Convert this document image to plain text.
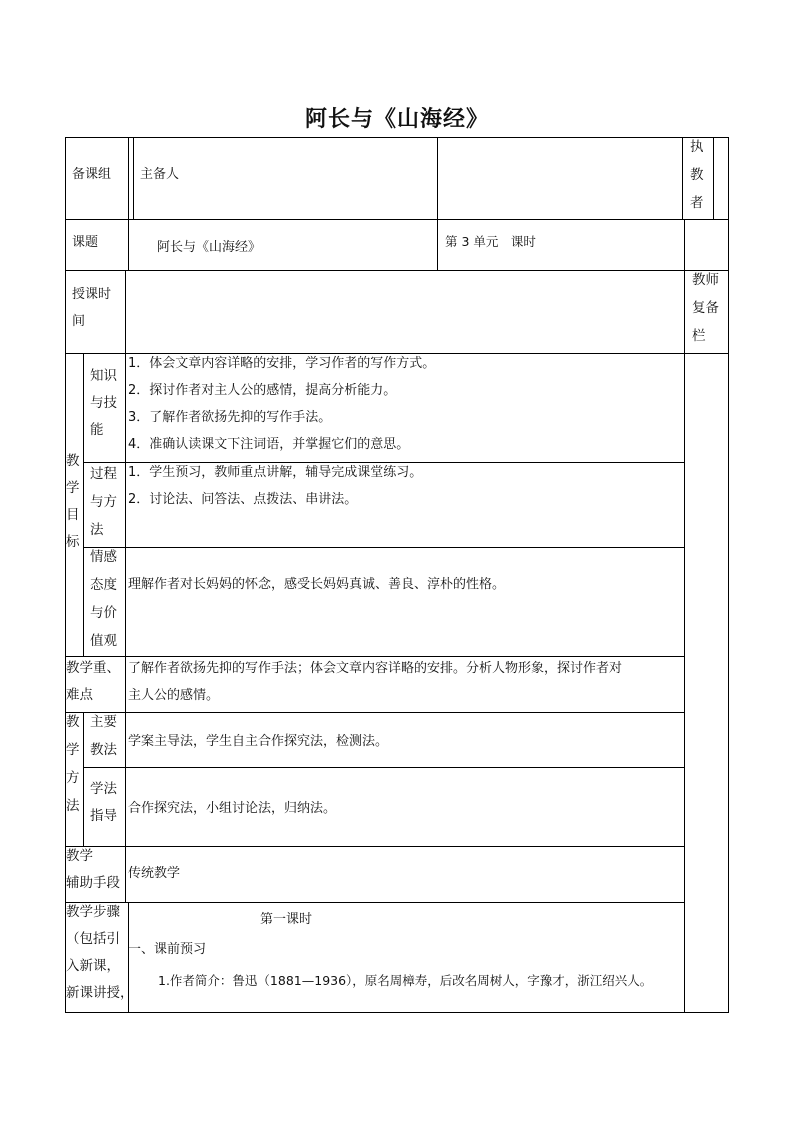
阿长与《山海经》
备课组 主备人
执
教
者
课题	阿长与《山海经》	第 3 单元　课时
授课时
间
教师
复备
栏
教
学
目
标
知识
与技
能
1．体会文章内容详略的安排，学习作者的写作方式。
2．探讨作者对主人公的感情，提高分析能力。
3．了解作者欲扬先抑的写作手法。
4．准确认读课文下注词语，并掌握它们的意思。
过程
与方
法
1．学生预习，教师重点讲解，辅导完成课堂练习。
2．讨论法、问答法、点拨法、串讲法。
情感
态度
与价
值观
理解作者对长妈妈的怀念，感受长妈妈真诚、善良、淳朴的性格。
教学重、
难点
了解作者欲扬先抑的写作手法；体会文章内容详略的安排。分析人物形象，探讨作者对
主人公的感情。
教
学
方
法
主要
教法
学案主导法，学生自主合作探究法，检测法。
学法
指导 合作探究法，小组讨论法，归纳法。
教学
辅助手段
传统教学
教学步骤
（包括引
入新课，
新课讲授，
第一课时
一、课前预习
1.作者简介：鲁迅（1881—1936），原名周樟寿，后改名周树人，字豫才，浙江绍兴人。
